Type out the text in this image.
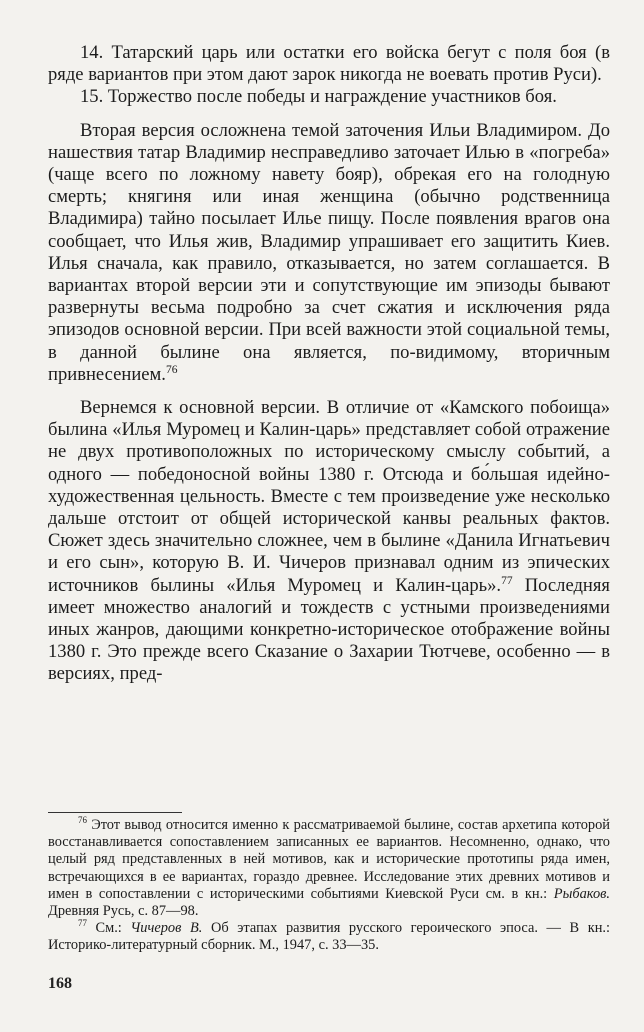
14. Татарский царь или остатки его войска бегут с поля боя (в ряде вариантов при этом дают зарок никогда не воевать против Руси).

15. Торжество после победы и награждение участников боя.

Вторая версия осложнена темой заточения Ильи Владимиром. До нашествия татар Владимир несправедливо заточает Илью в «погреба» (чаще всего по ложному навету бояр), обрекая его на голодную смерть; княгиня или иная женщина (обычно родственница Владимира) тайно посылает Илье пищу. После появления врагов она сообщает, что Илья жив, Владимир упрашивает его защитить Киев. Илья сначала, как правило, отказывается, но затем соглашается. В вариантах второй версии эти и сопутствующие им эпизоды бывают развернуты весьма подробно за счет сжатия и исключения ряда эпизодов основной версии. При всей важности этой социальной темы, в данной былине она является, по-видимому, вторичным привнесением.$^{76}$

Вернемся к основной версии. В отличие от «Камского побоища» былина «Илья Муромец и Калин-царь» представляет собой отражение не двух противоположных по историческому смыслу событий, а одного — победоносной войны 1380 г. Отсюда и бо́льшая идейно-художественная цельность. Вместе с тем произведение уже несколько дальше отстоит от общей исторической канвы реальных фактов. Сюжет здесь значительно сложнее, чем в былине «Данила Игнатьевич и его сын», которую В. И. Чичеров признавал одним из эпических источников былины «Илья Муромец и Калин-царь».$^{77}$ Последняя имеет множество аналогий и тождеств с устными произведениями иных жанров, дающими конкретно-историческое отображение войны 1380 г. Это прежде всего Сказание о Захарии Тютчеве, особенно — в версиях, пред-

$^{76}$ Этот вывод относится именно к рассматриваемой былине, состав архетипа которой восстанавливается сопоставлением записанных ее вариантов. Несомненно, однако, что целый ряд представленных в ней мотивов, как и исторические прототипы ряда имен, встречающихся в ее вариантах, гораздо древнее. Исследование этих древних мотивов и имен в сопоставлении с историческими событиями Киевской Руси см. в кн.: Рыбаков. Древняя Русь, с. 87—98.

$^{77}$ См.: Чичеров В. Об этапах развития русского героического эпоса. — В кн.: Историко-литературный сборник. М., 1947, с. 33—35.

168
